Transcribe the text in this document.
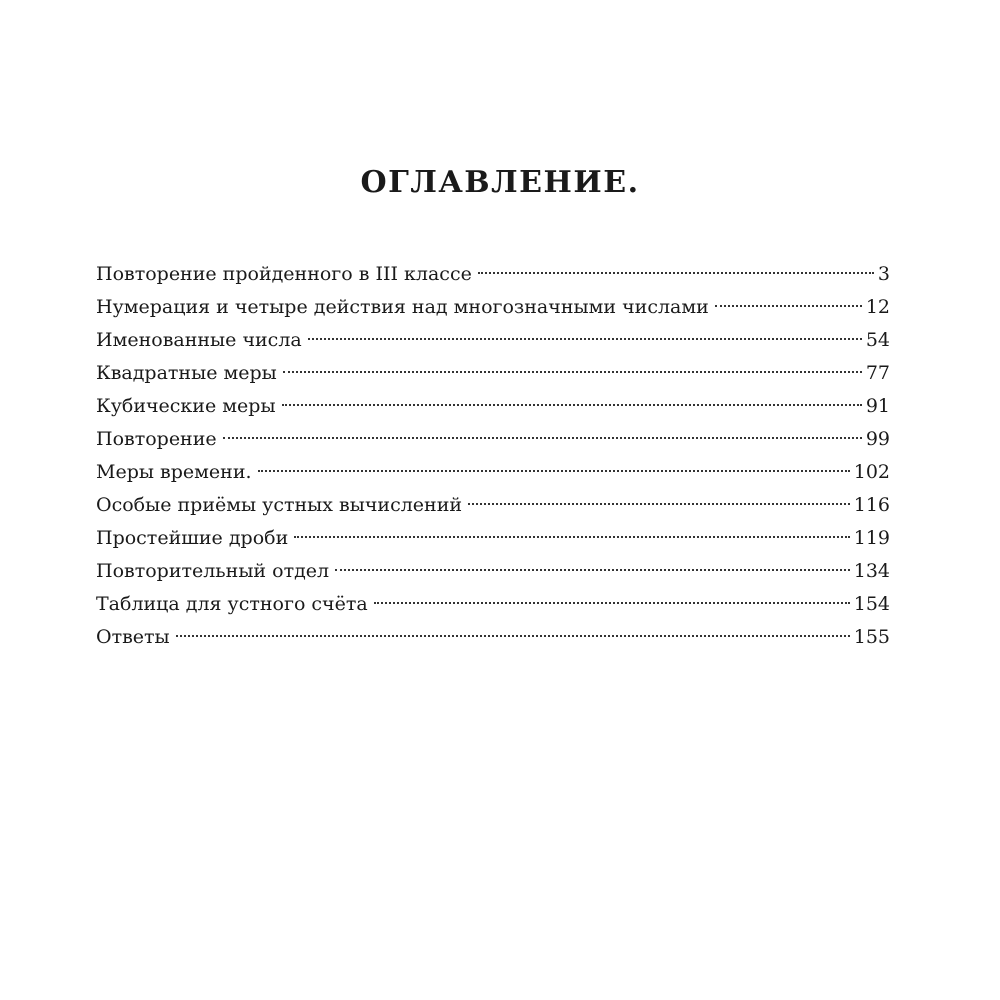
ОГЛАВЛЕНИЕ.
Повторение пройденного в III классе	3
Нумерация и четыре действия над многозначными числами	12
Именованные числа	54
Квадратные меры	77
Кубические меры	91
Повторение	99
Меры времени.	102
Особые приёмы устных вычислений	116
Простейшие дроби	119
Повторительный отдел	134
Таблица для устного счёта	154
Ответы	155
